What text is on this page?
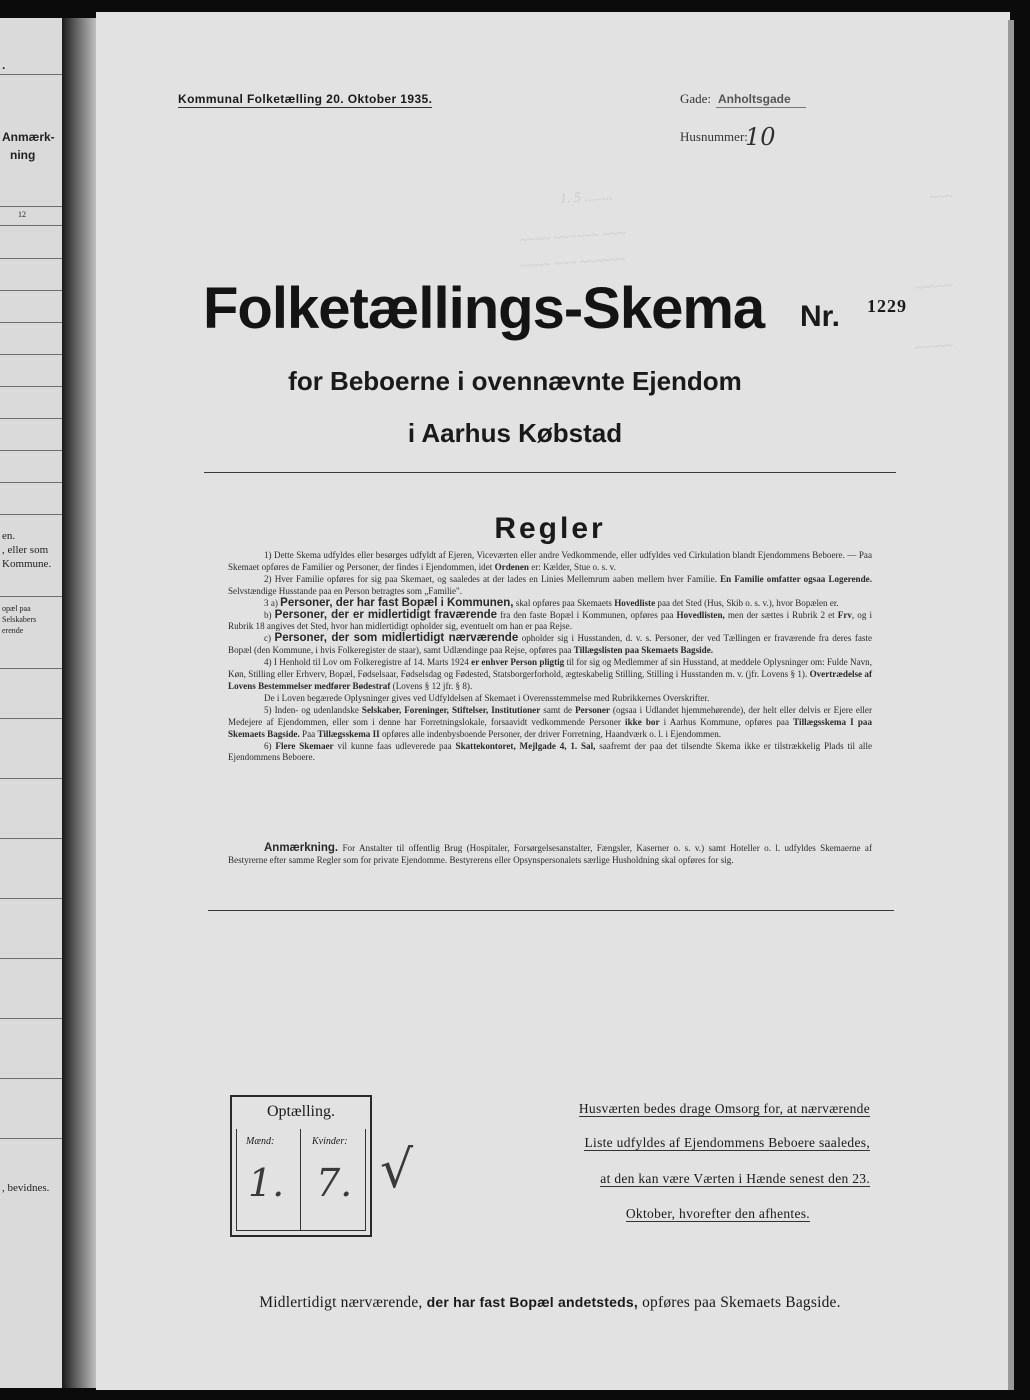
.
Anmærk-
ning
12
en.
, eller som
Kommune.
opæl paa
Selskabers
erende
, bevidnes.
1. 5 ........
~~~~ ~~~~~~ ~~~
~~~~ ~~~ ~~~~~~
~~~
~~~~~
~~~~~
Kommunal Folketælling 20. Oktober 1935.	Gade: Anholtsgade
Husnummer:
10
Folketællings-Skema Nr. 1229
for Beboerne i ovennævnte Ejendom
i Aarhus Købstad
Regler

1) Dette Skema udfyldes eller besørges udfyldt af Ejeren, Viceværten eller andre Vedkommende, eller udfyldes ved Cirkulation blandt Ejendommens Beboere. — Paa Skemaet opføres de Familier og Personer, der findes i Ejendommen, idet Ordenen er: Kælder, Stue o. s. v.

2) Hver Familie opføres for sig paa Skemaet, og saaledes at der lades en Linies Mellemrum aaben mellem hver Familie. En Familie omfatter ogsaa Logerende. Selvstændige Husstande paa en Person betragtes som „Familie".

3 a) Personer, der har fast Bopæl i Kommunen, skal opføres paa Skemaets Hovedliste paa det Sted (Hus, Skib o. s. v.), hvor Bopælen er.

b) Personer, der er midlertidigt fraværende fra den faste Bopæl i Kommunen, opføres paa Hovedlisten, men der sættes i Rubrik 2 et Frv, og i Rubrik 18 angives det Sted, hvor han midlertidigt opholder sig, eventuelt om han er paa Rejse.

c) Personer, der som midlertidigt nærværende opholder sig i Husstanden, d. v. s. Personer, der ved Tællingen er fraværende fra deres faste Bopæl (den Kommune, i hvis Folkeregister de staar), samt Udlændinge paa Rejse, opføres paa Tillægslisten paa Skemaets Bagside.

4) I Henhold til Lov om Folkeregistre af 14. Marts 1924 er enhver Person pligtig til for sig og Medlemmer af sin Husstand, at meddele Oplysninger om: Fulde Navn, Køn, Stilling eller Erhverv, Bopæl, Fødselsaar, Fødselsdag og Fødested, Statsborgerforhold, ægteskabelig Stilling, Stilling i Husstanden m. v. (jfr. Lovens § 1). Overtrædelse af Lovens Bestemmelser medfører Bødestraf (Lovens § 12 jfr. § 8).

De i Loven begærede Oplysninger gives ved Udfyldelsen af Skemaet i Overensstemmelse med Rubrikkernes Overskrifter.

5) Inden- og udenlandske Selskaber, Foreninger, Stiftelser, Institutioner samt de Personer (ogsaa i Udlandet hjemmehørende), der helt eller delvis er Ejere eller Medejere af Ejendommen, eller som i denne har Forretningslokale, forsaavidt vedkommende Personer ikke bor i Aarhus Kommune, opføres paa Tillægsskema I paa Skemaets Bagside. Paa Tillægsskema II opføres alle indenbysboende Personer, der driver Forretning, Haandværk o. l. i Ejendommen.

6) Flere Skemaer vil kunne faas udleverede paa Skattekontoret, Mejlgade 4, 1. Sal, saafremt der paa det tilsendte Skema ikke er tilstrækkelig Plads til alle Ejendommens Beboere.

Anmærkning. For Anstalter til offentlig Brug (Hospitaler, Forsørgelsesanstalter, Fængsler, Kaserner o. s. v.) samt Hoteller o. l. udfyldes Skemaerne af Bestyrerne efter samme Regler som for private Ejendomme. Bestyrerens eller Opsynspersonalets særlige Husholdning skal opføres for sig.
Optælling.
Mænd:	Kvinder:
1. 7. √
Husværten bedes drage Omsorg for, at nærværende
Liste udfyldes af Ejendommens Beboere saaledes,
at den kan være Værten i Hænde senest den 23.
Oktober, hvorefter den afhentes.
Midlertidigt nærværende, der har fast Bopæl andetsteds, opføres paa Skemaets Bagside.
